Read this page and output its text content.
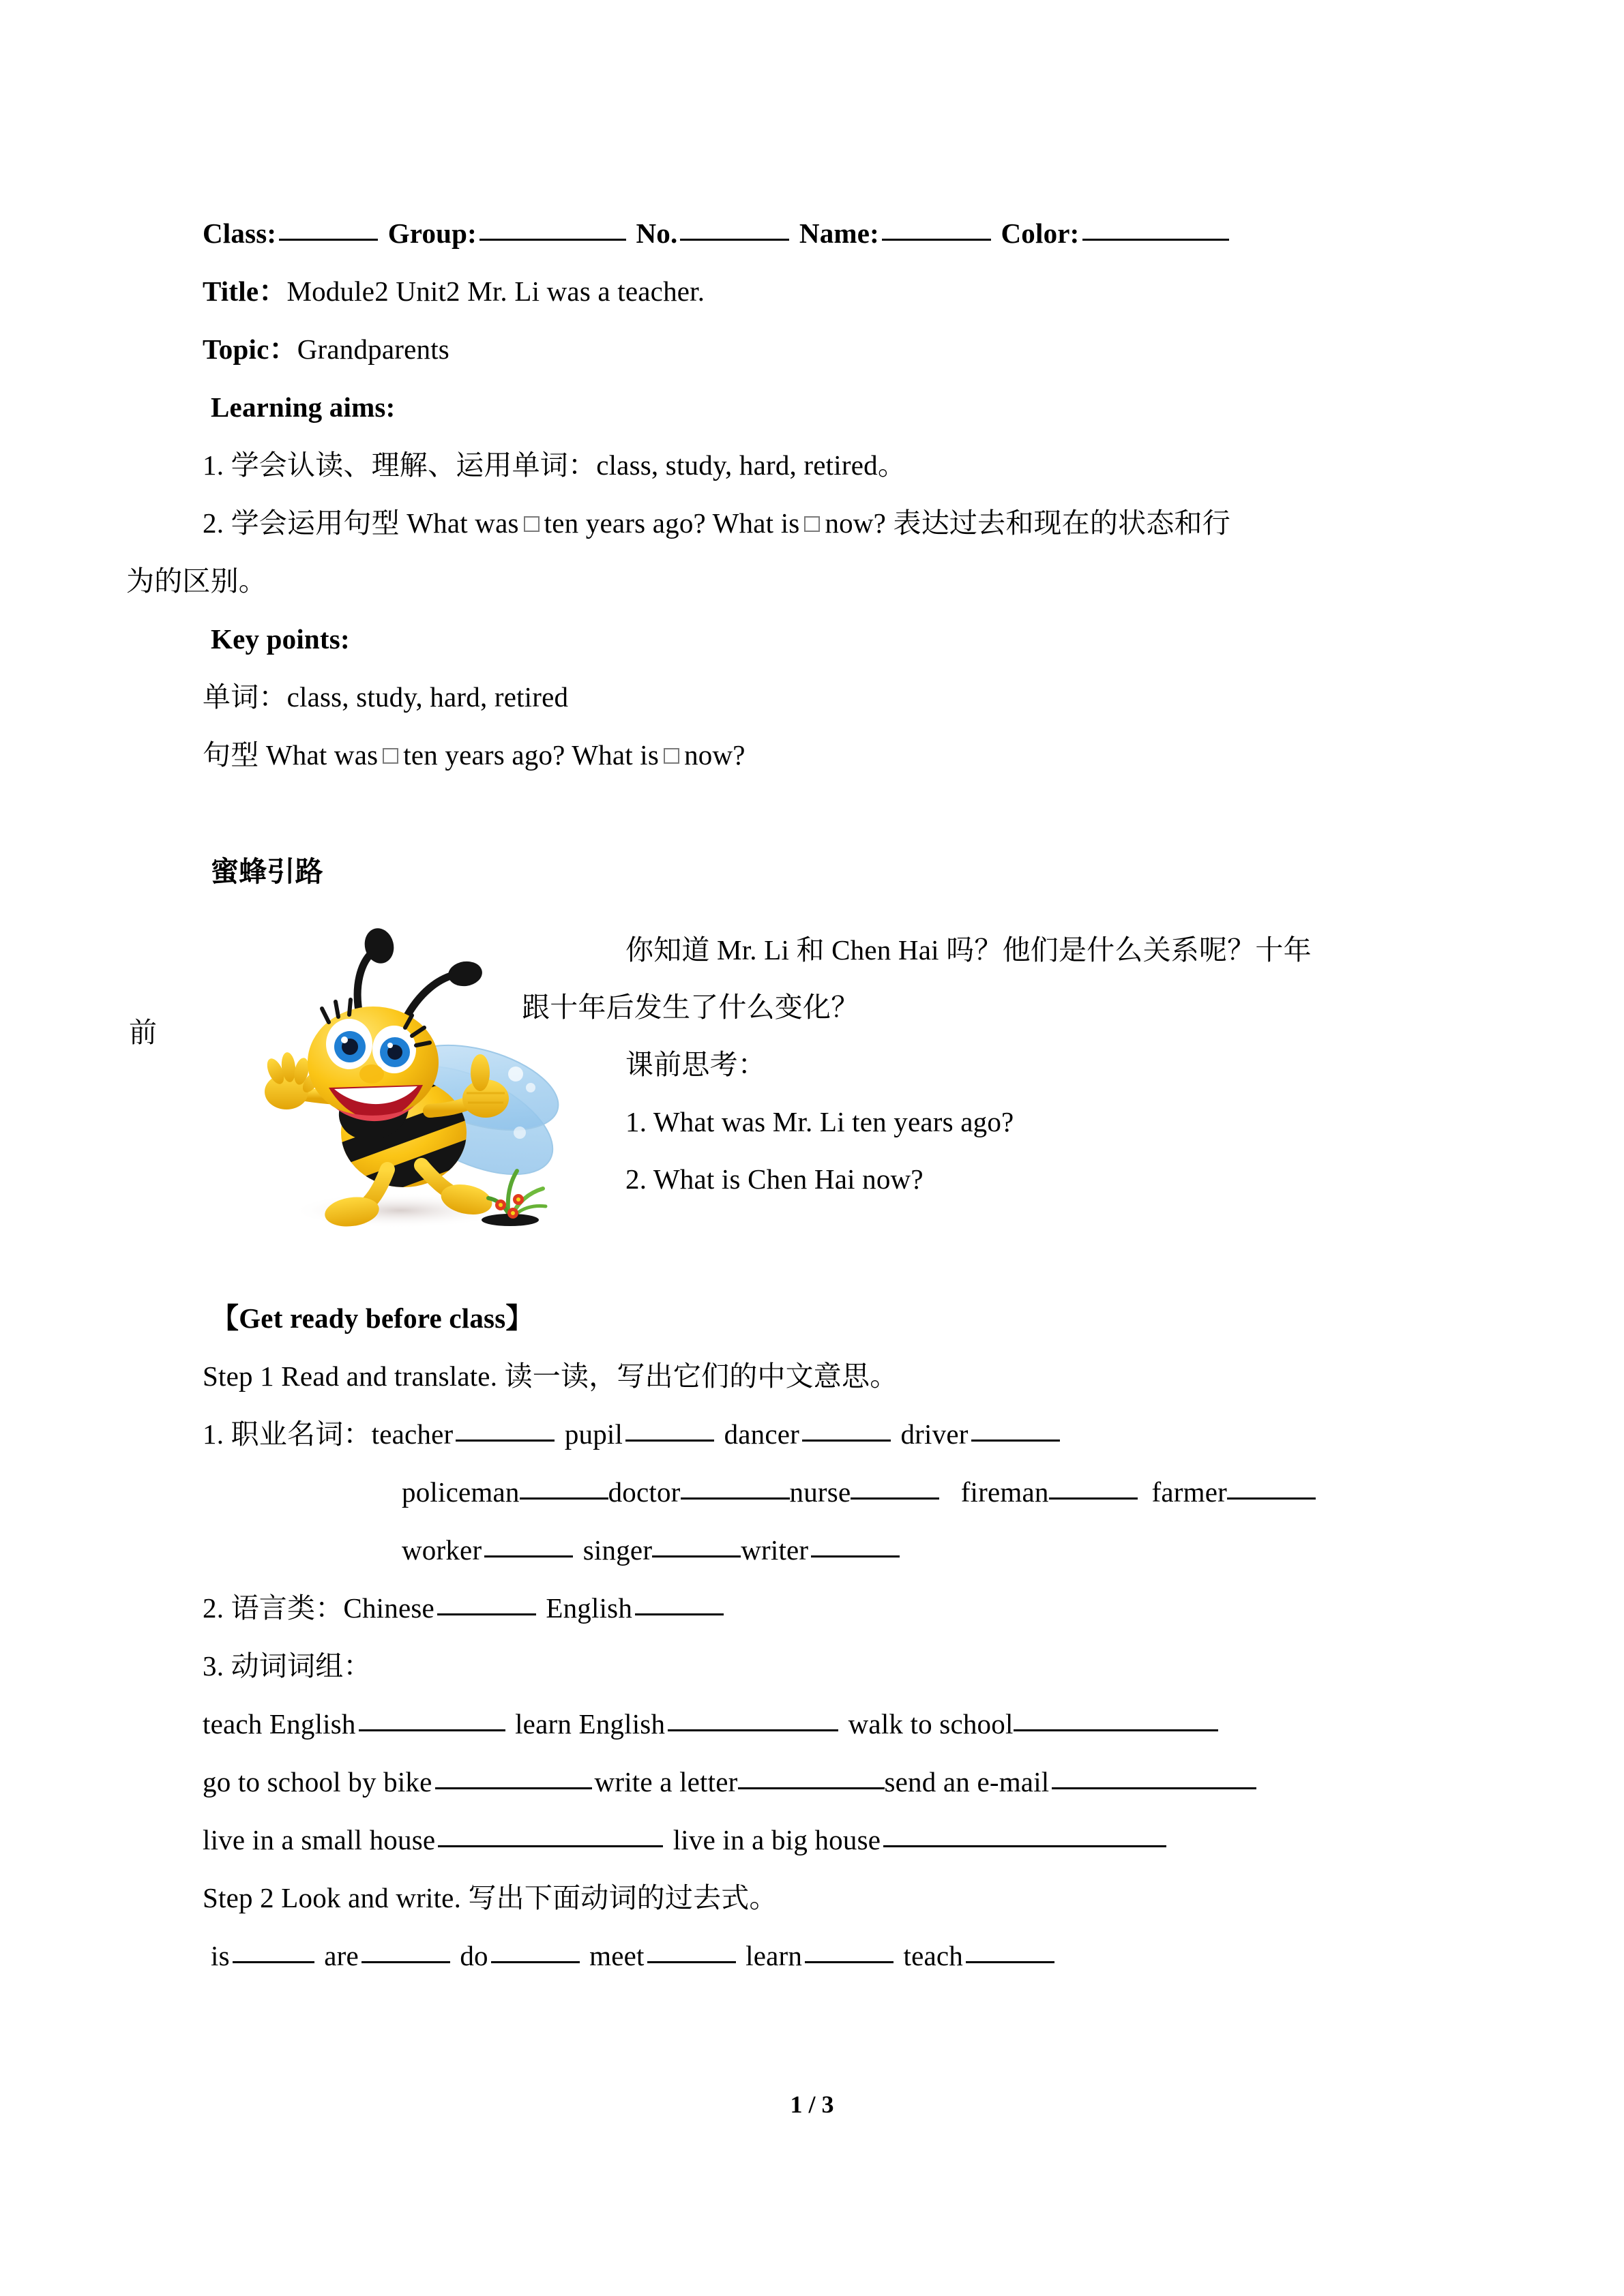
Class:	Group:	No.	Name:	Color:
Title：Module2 Unit2 Mr. Li was a teacher.
Topic：Grandparents
Learning aims:
1. 学会认读、理解、运用单词：class, study, hard, retired。
2. 学会运用句型 What was ten years ago? What is now? 表达过去和现在的状态和行
为的区别。
Key points:
单词：class, study, hard, retired
句型 What was ten years ago? What is now?
蜜蜂引路
前
你知道 Mr. Li 和 Chen Hai 吗？他们是什么关系呢？十年
跟十年后发生了什么变化？
课前思考：
1. What was Mr. Li ten years ago?
2. What is Chen Hai now?
【Get ready before class】
Step 1 Read and translate. 读一读，写出它们的中文意思。
1. 职业名词：teacher	pupil	dancer	driver
policeman	doctor	nurse	fireman	farmer
worker	singer	writer
2. 语言类：Chinese	English
3. 动词词组：
teach English	learn English	walk to school
go to school by bike	write a letter	send an e-mail
live in a small house	live in a big house
Step 2 Look and write. 写出下面动词的过去式。
is	are	do	meet	learn	teach
1 / 3
